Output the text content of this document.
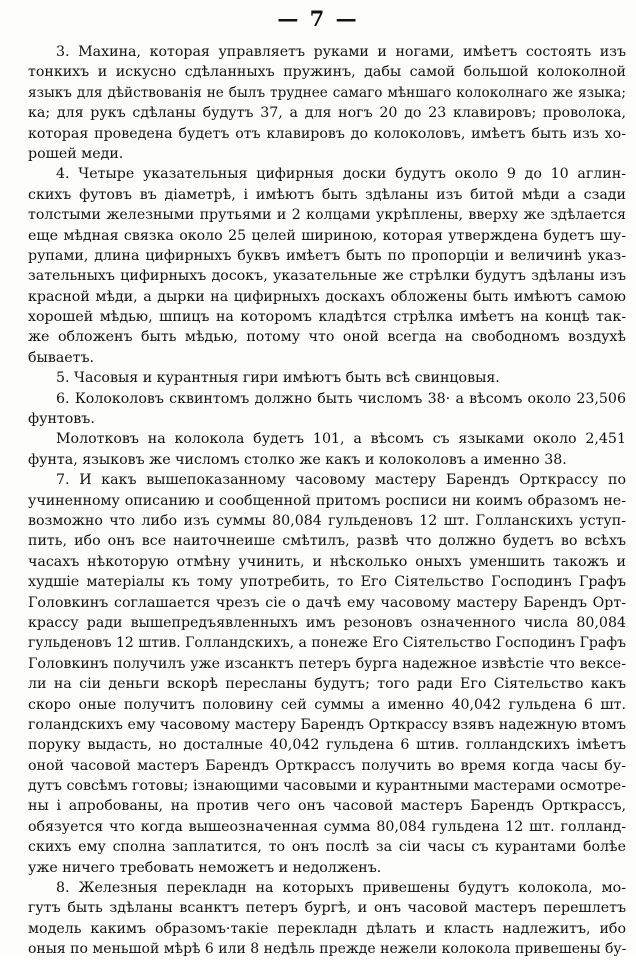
— 7 —
3. Махина, которая управляетъ руками и ногами, имѣетъ состоять изъ
тонкихъ и искусно сдѣланныхъ пружинъ, дабы самой большой колоколной
языкъ для дѣйствованія не былъ труднее самаго мѣншаго колоколнаго же языка;
ка; для рукъ сдѣланы будутъ 37, а для ногъ 20 до 23 клавировъ; проволока,
которая проведена будетъ отъ клавировъ до колоколовъ, имѣетъ быть изъ хо-
рошей меди.
4. Четыре указательныя цифирныя доски будутъ около 9 до 10 аглин-
скихъ футовъ въ діаметрѣ, і имѣютъ быть здѣланы изъ битой мѣди а сзади
толстыми железными прутьями и 2 колцами укрѣплены, вверху же здѣлается
еще мѣдная связка около 25 целей ширинoю, которая утверждена будетъ шу-
рупами, длина цифирныхъ буквъ имѣетъ быть по пропорціи и величинѣ указ-
зательныхъ цифирныхъ досокъ, указательные же стрѣлки будутъ здѣланы изъ
красной мѣди, а дырки на цифирныхъ доскахъ обложены быть имѣютъ самою
хорошей мѣдью, шпицъ на которомъ кладѣтся стрѣлка имѣетъ на концѣ так-
же обложенъ быть мѣдью, потому что оной всегда на свободномъ воздухѣ
бываетъ.
5. Часовыя и курантныя гири имѣютъ быть всѣ свинцовыя.
6. Колоколовъ сквинтомъ должно быть числомъ 38· а вѣсомъ около 23,506
фунтовъ.
Молотковъ на колокола будетъ 101, а вѣсомъ съ языками около 2,451
фунта, языковъ же числомъ столко же какъ и колоколовъ а именно 38.
7. И какъ вышепоказанному часовому мастеру Барендъ Орткрассу по
учиненному описанию и сообщенной притомъ росписи ни коимъ образомъ не-
возможно что либо изъ суммы 80,084 гульденовъ 12 шт. Голланскихъ уступ-
пить, ибо онъ все наиточнеише смѣтилъ, развѣ что должно будетъ во всѣхъ
часахъ нѣкоторую отмѣну учинить, и нѣсколько оныхъ уменшить такожъ и
худшіе матеріалы къ тому употребить, то Его Сіятельство Господинъ Графъ
Головкинъ соглашается чрезъ сіе о дачѣ ему часовому мастеру Барендъ Орт-
крассу ради вышепредъявленныхъ имъ резоновъ означенного числа 80,084
гульденовъ 12 штив. Голландскихъ, а понеже Его Сіятельство Господинъ Графъ
Головкинъ получилъ уже изсанктъ петеръ бурга надежное извѣстіе что вексе-
ли на сіи деньги вскорѣ пересланы будутъ; того ради Его Сіятельство какъ
скоро оные получитъ половину сей суммы а именно 40,042 гульдена 6 шт.
голандскихъ ему часовому мастеру Барендъ Орткрассу взявъ надежную втомъ
поруку выдасть, но досталные 40,042 гульдена 6 штив. голландскихъ імѣетъ
оной часовой мастеръ Барендъ Орткрассъ получить во время когда часы бу-
дутъ совсѣмъ готовы; ізнающими часовыми и курантными мастерами осмотре-
ны і апробованы, на против чего онъ часовой мастеръ Барендъ Орткрассъ,
обязуется что когда вышеозначенная сумма 80,084 гульдена 12 шт. голланд-
скихъ ему сполна заплатится, то онъ послѣ за сіи часы съ курантами болѣе
уже ничего требовать неможетъ и недолженъ.
8. Железныя перекладн на которыхъ привешены будутъ колокола, мо-
гутъ быть здѣланы всанктъ петеръ бургѣ, и онъ часовой мастеръ перешлетъ
модель какимъ образомъ·такіе перекладн дѣлать и класть надлежитъ, ибо
оныя по меньшой мѣрѣ 6 или 8 недѣль прежде нежели колокола привешены бу-
